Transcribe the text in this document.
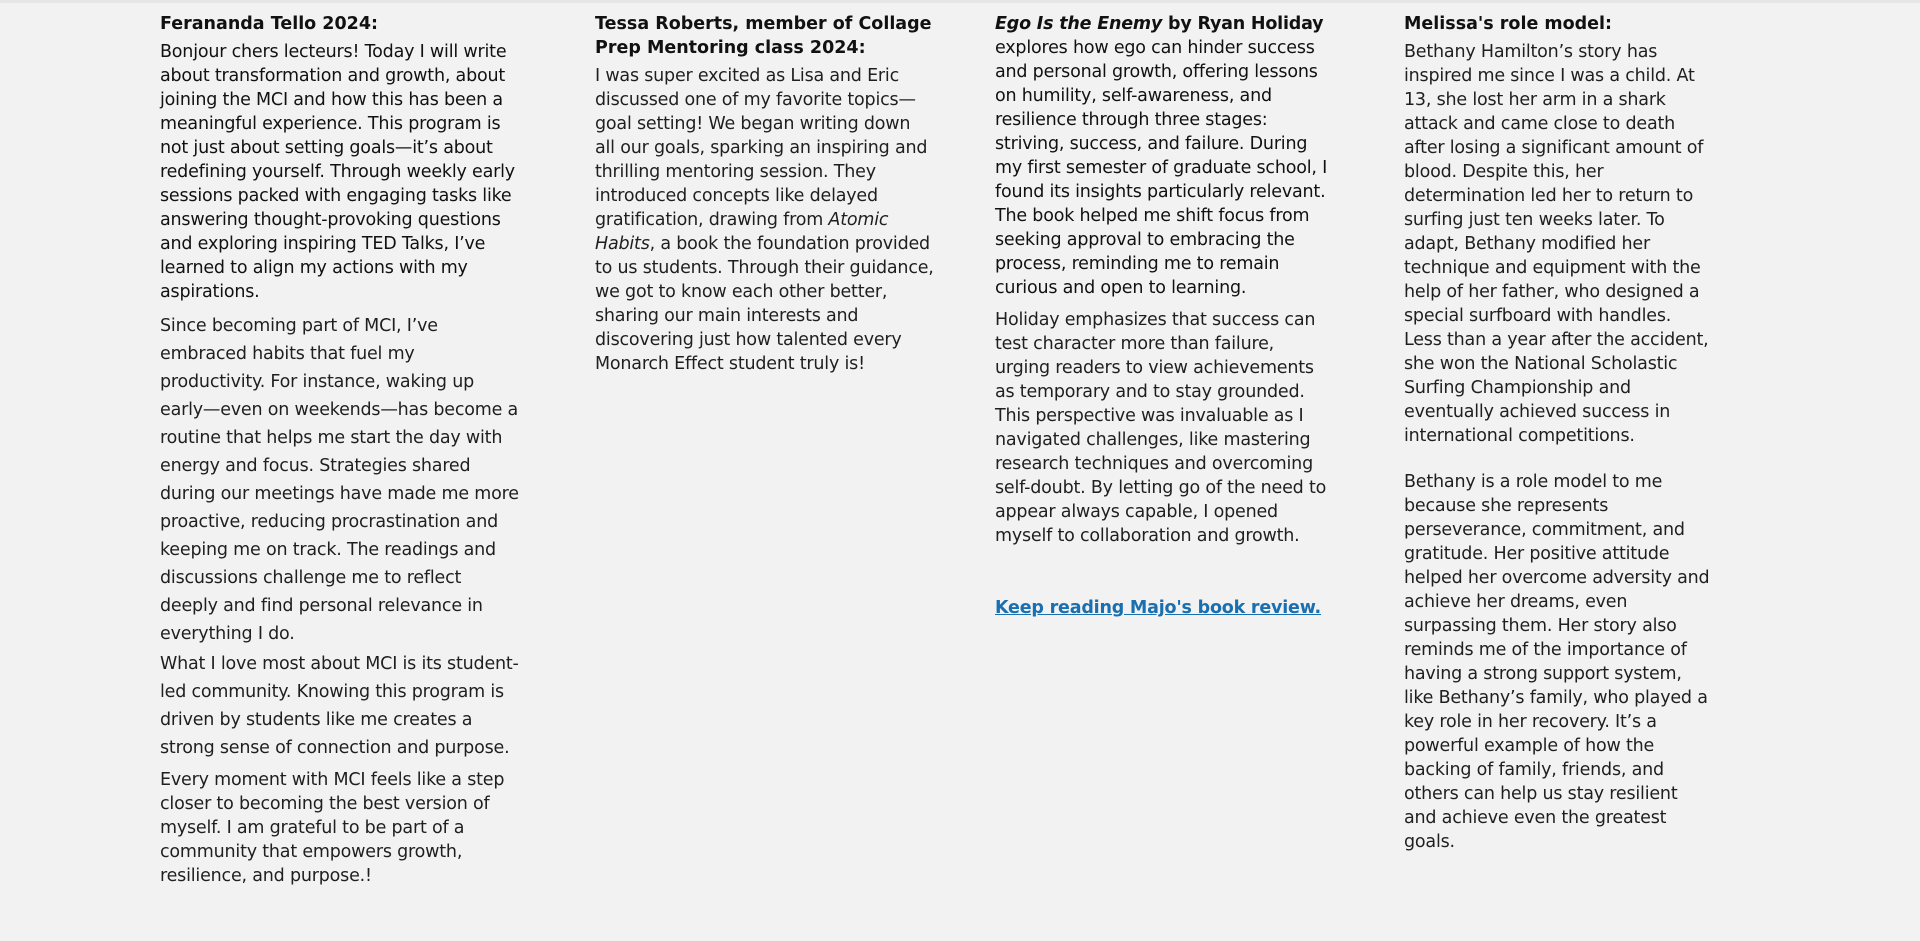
Ferananda Tello 2024:

Bonjour chers lecteurs! Today I will write about transformation and growth, about joining the MCI and how this has been a meaningful experience. This program is not just about setting goals—it’s about redefining yourself. Through weekly early sessions packed with engaging tasks like answering thought-provoking questions and exploring inspiring TED Talks, I’ve learned to align my actions with my aspirations.

Since becoming part of MCI, I’ve embraced habits that fuel my productivity. For instance, waking up early—even on weekends—has become a routine that helps me start the day with energy and focus. Strategies shared during our meetings have made me more proactive, reducing procrastination and keeping me on track. The readings and discussions challenge me to reflect deeply and find personal relevance in everything I do.

What I love most about MCI is its student-led community. Knowing this program is driven by students like me creates a strong sense of connection and purpose.

Every moment with MCI feels like a step closer to becoming the best version of myself. I am grateful to be part of a community that empowers growth, resilience, and purpose.!

Tessa Roberts, member of Collage Prep Mentoring class 2024:

I was super excited as Lisa and Eric discussed one of my favorite topics—goal setting! We began writing down all our goals, sparking an inspiring and thrilling mentoring session. They introduced concepts like delayed gratification, drawing from Atomic Habits, a book the foundation provided to us students. Through their guidance, we got to know each other better, sharing our main interests and discovering just how talented every Monarch Effect student truly is!

Ego Is the Enemy by Ryan Holiday explores how ego can hinder success and personal growth, offering lessons on humility, self-awareness, and resilience through three stages: striving, success, and failure. During my first semester of graduate school, I found its insights particularly relevant. The book helped me shift focus from seeking approval to embracing the process, reminding me to remain curious and open to learning.

Holiday emphasizes that success can test character more than failure, urging readers to view achievements as temporary and to stay grounded. This perspective was invaluable as I navigated challenges, like mastering research techniques and overcoming self-doubt. By letting go of the need to appear always capable, I opened myself to collaboration and growth.

Keep reading Majo's book review.
Melissa's role model:

Bethany Hamilton’s story has inspired me since I was a child. At 13, she lost her arm in a shark attack and came close to death after losing a significant amount of blood. Despite this, her determination led her to return to surfing just ten weeks later. To adapt, Bethany modified her technique and equipment with the help of her father, who designed a special surfboard with handles. Less than a year after the accident, she won the National Scholastic Surfing Championship and eventually achieved success in international competitions.

Bethany is a role model to me because she represents perseverance, commitment, and gratitude. Her positive attitude helped her overcome adversity and achieve her dreams, even surpassing them. Her story also reminds me of the importance of having a strong support system, like Bethany’s family, who played a key role in her recovery. It’s a powerful example of how the backing of family, friends, and others can help us stay resilient and achieve even the greatest goals.
